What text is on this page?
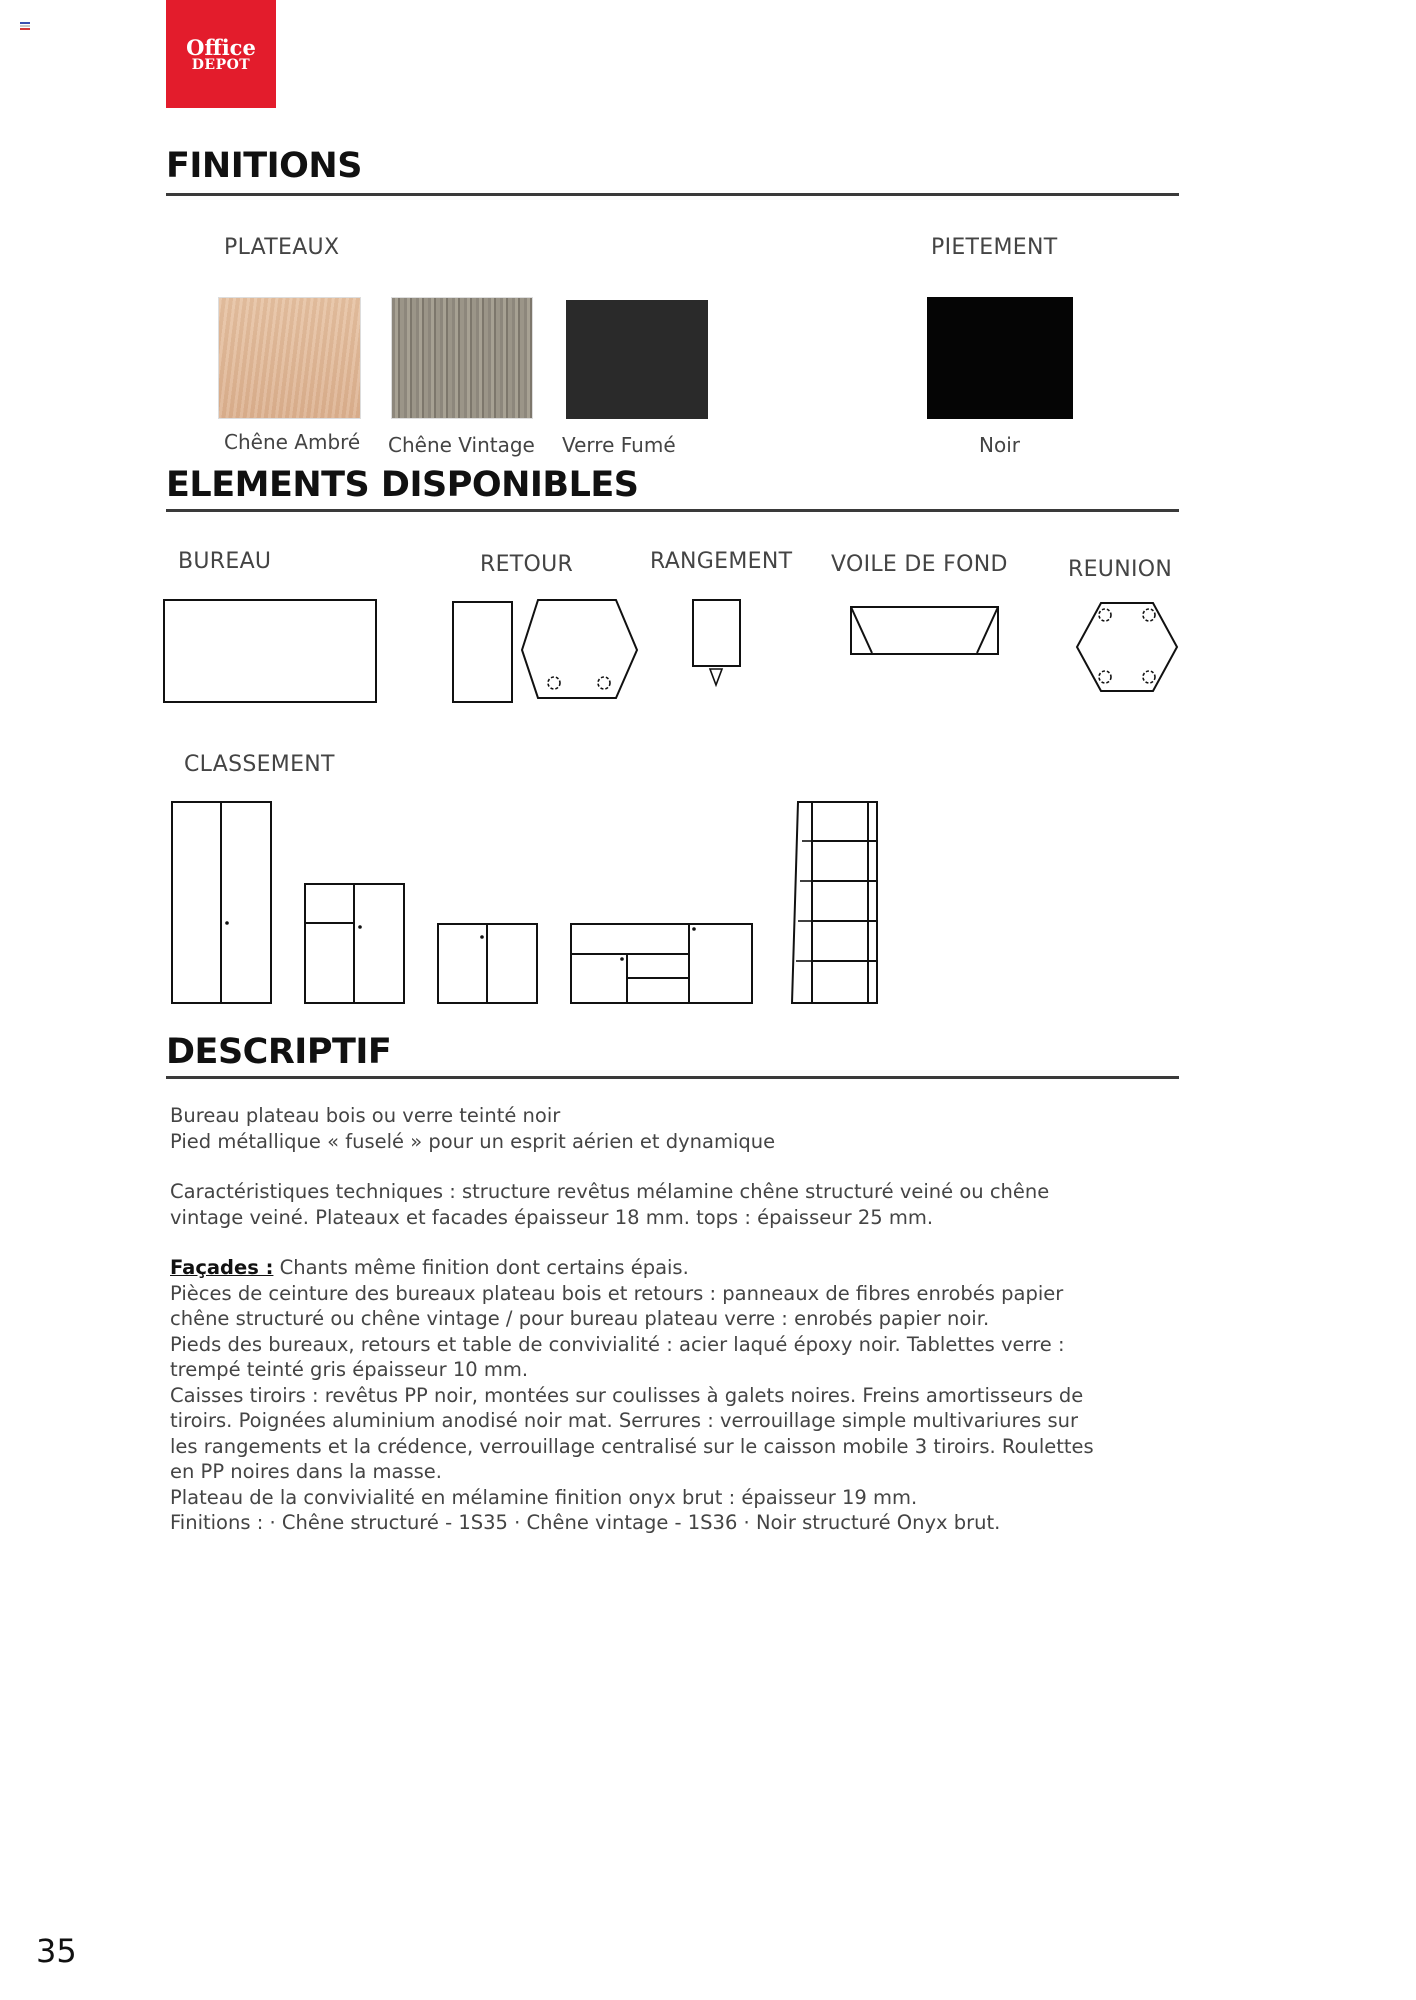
Office
DEPOT
FINITIONS
PLATEAUX	PIETEMENT
Chêne Ambré Chêne Vintage Verre Fumé	Noir
ELEMENTS DISPONIBLES
BUREAU	RETOUR	RANGEMENT VOILE DE FOND	REUNION
CLASSEMENT
DESCRIPTIF

Bureau plateau bois ou verre teinté noir

Pied métallique « fuselé » pour un esprit aérien et dynamique

Caractéristiques techniques : structure revêtus mélamine chêne structuré veiné ou chêne

vintage veiné. Plateaux et facades épaisseur 18 mm. tops : épaisseur 25 mm.

Façades : Chants même finition dont certains épais.

Pièces de ceinture des bureaux plateau bois et retours : panneaux de fibres enrobés papier

chêne structuré ou chêne vintage / pour bureau plateau verre : enrobés papier noir.

Pieds des bureaux, retours et table de convivialité : acier laqué époxy noir. Tablettes verre :

trempé teinté gris épaisseur 10 mm.

Caisses tiroirs : revêtus PP noir, montées sur coulisses à galets noires. Freins amortisseurs de

tiroirs. Poignées aluminium anodisé noir mat. Serrures : verrouillage simple multivariures sur

les rangements et la crédence, verrouillage centralisé sur le caisson mobile 3 tiroirs. Roulettes

en PP noires dans la masse.

Plateau de la convivialité en mélamine finition onyx brut : épaisseur 19 mm.

Finitions : · Chêne structuré - 1S35 · Chêne vintage - 1S36 · Noir structuré Onyx brut.

35
